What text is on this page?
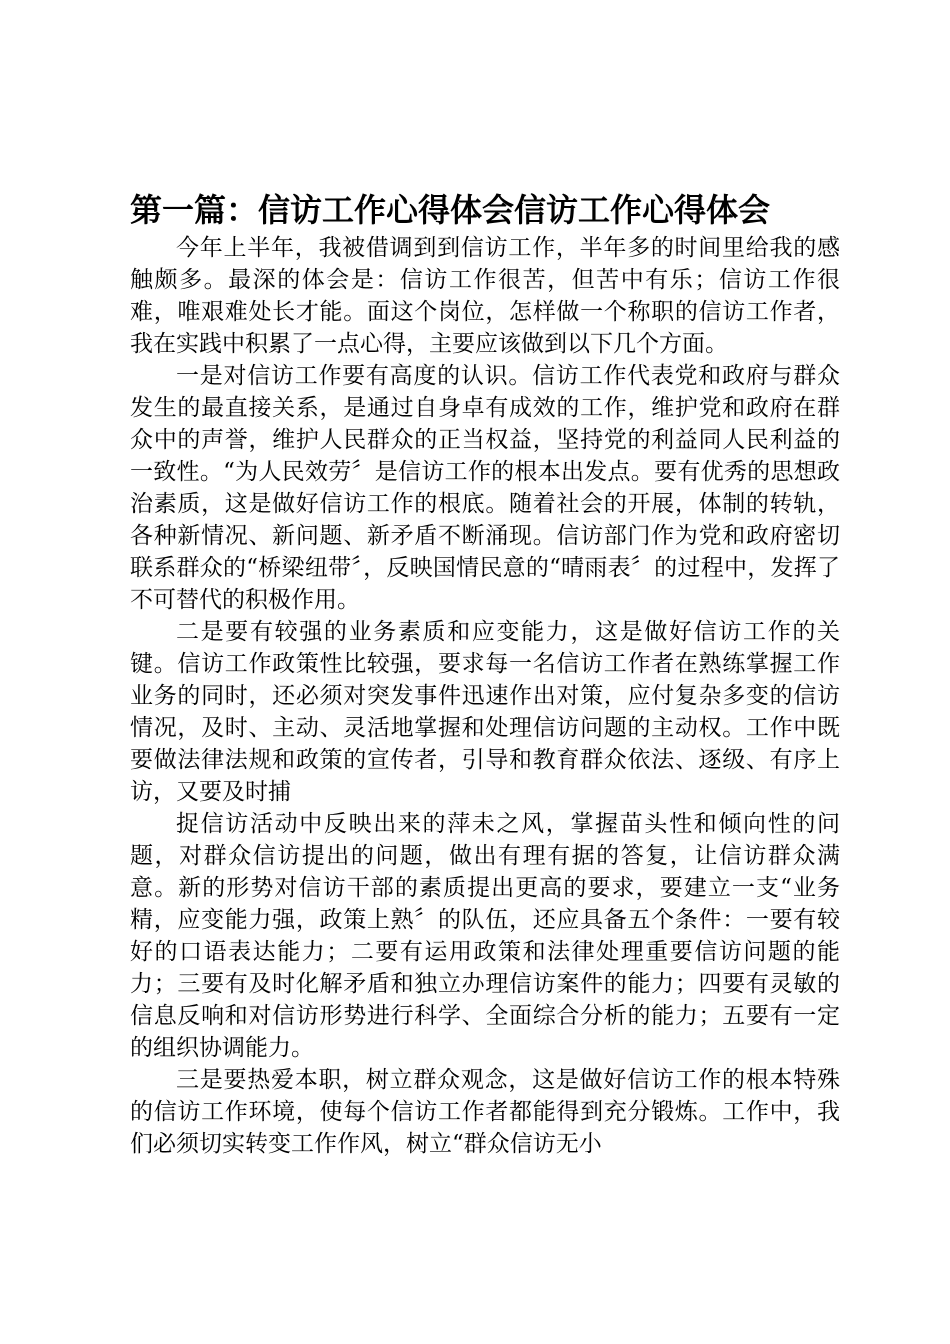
第一篇：信访工作心得体会信访工作心得体会

今年上半年，我被借调到到信访工作，半年多的时间里给我的感触颇多。最深的体会是：信访工作很苦，但苦中有乐；信访工作很难，唯艰难处长才能。面这个岗位，怎样做一个称职的信访工作者，我在实践中积累了一点心得，主要应该做到以下几个方面。

一是对信访工作要有高度的认识。信访工作代表党和政府与群众发生的最直接关系，是通过自身卓有成效的工作，维护党和政府在群众中的声誉，维护人民群众的正当权益，坚持党的利益同人民利益的一致性。“为人民效劳〞是信访工作的根本出发点。要有优秀的思想政治素质，这是做好信访工作的根底。随着社会的开展，体制的转轨，各种新情况、新问题、新矛盾不断涌现。信访部门作为党和政府密切联系群众的“桥梁纽带〞，反映国情民意的“晴雨表〞的过程中，发挥了不可替代的积极作用。

二是要有较强的业务素质和应变能力，这是做好信访工作的关键。信访工作政策性比较强，要求每一名信访工作者在熟练掌握工作业务的同时，还必须对突发事件迅速作出对策，应付复杂多变的信访情况，及时、主动、灵活地掌握和处理信访问题的主动权。工作中既要做法律法规和政策的宣传者，引导和教育群众依法、逐级、有序上访，又要及时捕

捉信访活动中反映出来的萍未之风，掌握苗头性和倾向性的问题，对群众信访提出的问题，做出有理有据的答复，让信访群众满意。新的形势对信访干部的素质提出更高的要求，要建立一支“业务精，应变能力强，政策上熟〞的队伍，还应具备五个条件：一要有较好的口语表达能力；二要有运用政策和法律处理重要信访问题的能力；三要有及时化解矛盾和独立办理信访案件的能力；四要有灵敏的信息反响和对信访形势进行科学、全面综合分析的能力；五要有一定的组织协调能力。

三是要热爱本职，树立群众观念，这是做好信访工作的根本特殊的信访工作环境，使每个信访工作者都能得到充分锻炼。工作中，我们必须切实转变工作作风，树立“群众信访无小
